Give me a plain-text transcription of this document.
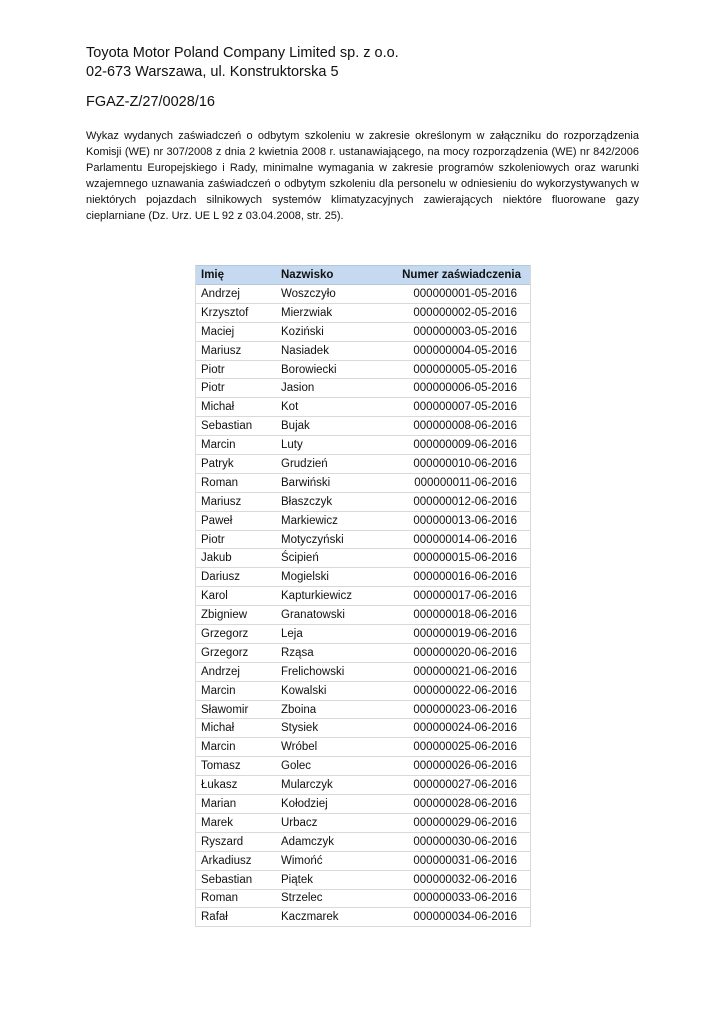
Toyota Motor Poland Company Limited sp. z o.o.
02-673 Warszawa, ul. Konstruktorska 5
FGAZ-Z/27/0028/16
Wykaz wydanych zaświadczeń o odbytym szkoleniu w zakresie określonym w załączniku do rozporządzenia Komisji (WE) nr 307/2008 z dnia 2 kwietnia 2008 r. ustanawiającego, na mocy rozporządzenia (WE) nr 842/2006 Parlamentu Europejskiego i Rady, minimalne wymagania w zakresie programów szkoleniowych oraz warunki wzajemnego uznawania zaświadczeń o odbytym szkoleniu dla personelu w odniesieniu do wykorzystywanych w niektórych pojazdach silnikowych systemów klimatyzacyjnych zawierających niektóre fluorowane gazy cieplarniane (Dz. Urz. UE L 92 z 03.04.2008, str. 25).
Imię	Nazwisko	Numer zaświadczenia
Andrzej	Woszczyło	000000001-05-2016
Krzysztof	Mierzwiak	000000002-05-2016
Maciej	Koziński	000000003-05-2016
Mariusz	Nasiadek	000000004-05-2016
Piotr	Borowiecki	000000005-05-2016
Piotr	Jasion	000000006-05-2016
Michał	Kot	000000007-05-2016
Sebastian	Bujak	000000008-06-2016
Marcin	Luty	000000009-06-2016
Patryk	Grudzień	000000010-06-2016
Roman	Barwiński	000000011-06-2016
Mariusz	Błaszczyk	000000012-06-2016
Paweł	Markiewicz	000000013-06-2016
Piotr	Motyczyński	000000014-06-2016
Jakub	Ścipień	000000015-06-2016
Dariusz	Mogielski	000000016-06-2016
Karol	Kapturkiewicz	000000017-06-2016
Zbigniew	Granatowski	000000018-06-2016
Grzegorz	Leja	000000019-06-2016
Grzegorz	Rząsa	000000020-06-2016
Andrzej	Frelichowski	000000021-06-2016
Marcin	Kowalski	000000022-06-2016
Sławomir	Zboina	000000023-06-2016
Michał	Stysiek	000000024-06-2016
Marcin	Wróbel	000000025-06-2016
Tomasz	Golec	000000026-06-2016
Łukasz	Mularczyk	000000027-06-2016
Marian	Kołodziej	000000028-06-2016
Marek	Urbacz	000000029-06-2016
Ryszard	Adamczyk	000000030-06-2016
Arkadiusz	Wimońć	000000031-06-2016
Sebastian	Piątek	000000032-06-2016
Roman	Strzelec	000000033-06-2016
Rafał	Kaczmarek	000000034-06-2016
